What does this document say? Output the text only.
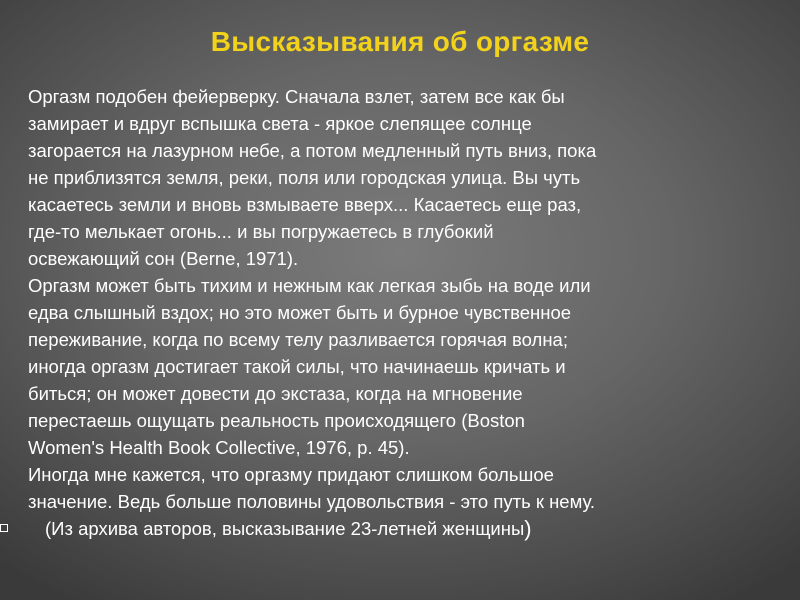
Высказывания об оргазме

Оргазм подобен фейерверку. Сначала взлет, затем все как бы
замирает и вдруг вспышка света - яркое слепящее солнце
загорается на лазурном небе, а потом медленный путь вниз, пока
не приблизятся земля, реки, поля или городская улица. Вы чуть
касаетесь земли и вновь взмываете вверх... Касаетесь еще раз,
где-то мелькает огонь... и вы погружаетесь в глубокий
освежающий сон (Berne, 1971).

Оргазм может быть тихим и нежным как легкая зыбь на воде или
едва слышный вздох; но это может быть и бурное чувственное
переживание, когда по всему телу разливается горячая волна;
иногда оргазм достигает такой силы, что начинаешь кричать и
биться; он может довести до экстаза, когда на мгновение
перестаешь ощущать реальность происходящего (Boston
Women's Health Book Collective, 1976, p. 45).

Иногда мне кажется, что оргазму придают слишком большое
значение. Ведь больше половины удовольствия - это путь к нему.

(Из архива авторов, высказывание 23-летней женщины)
